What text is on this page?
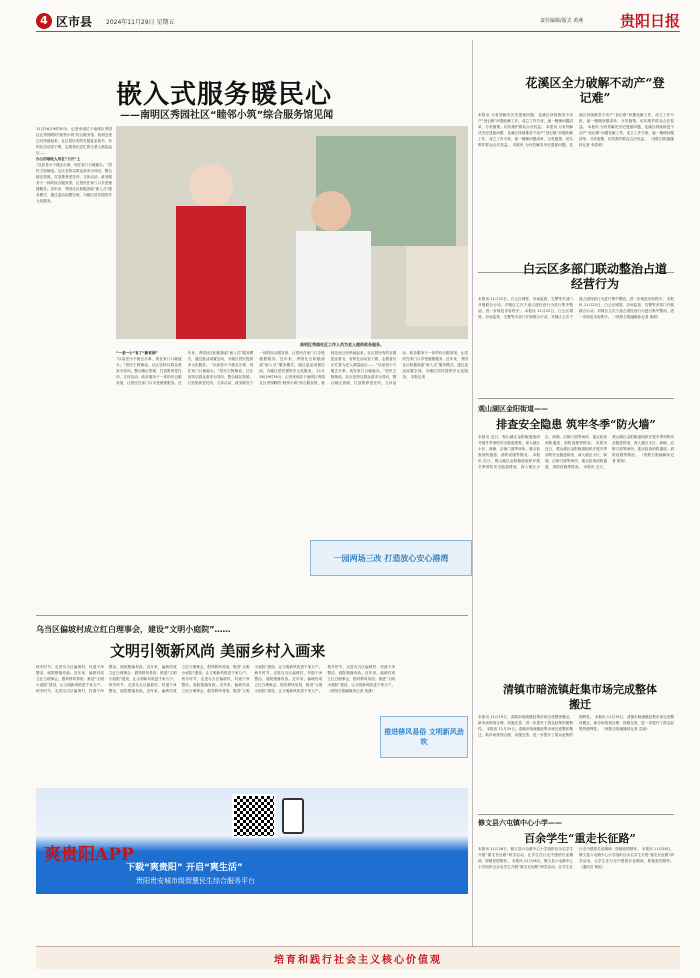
4 区市县 2024年11月29日 星期五	责任编辑/版式 黄燕 贵阳日报
嵌入式服务暖民心
——南明区秀园社区“睦邻小筑”综合服务馆见闻
11月26日9时30分，记者来到位于南明区秀园社区秀园路的“睦邻小筑”综合服务馆，看到这里已经热闹起来。社区居民有的在阅览室看书，有的在活动室下棋，志愿者们正忙着为老人测量血压……
办公用地收入用在“刀刃”上
“以前老小不便去办事，现在家门口就能办。”居民王阿姨说。社区坚持以群众需求为导向，整合辖区资源，打造集养老托幼、文体活动、政务服务于一体的综合服务馆，让居民在家门口享受便捷服务。近年来，秀园社区积极探索“嵌入式”服务模式，通过盘活闲置空间，为辖区居民提供多元化服务。
南明区秀园社区工作人员为老人提供政务服务。
“一老一小”有了“新家园”
“以前老小不便去办事，现在家门口就能办。”居民王阿姨说。社区坚持以群众需求为导向，整合辖区资源，打造集养老托幼、文体活动、政务服务于一体的综合服务馆，让居民在家门口享受便捷服务。近年来，秀园社区积极探索“嵌入式”服务模式，通过盘活闲置空间，为辖区居民提供多元化服务。 “以前老小不便去办事，现在家门口就能办。”居民王阿姨说。社区坚持以群众需求为导向，整合辖区资源，打造集养老托幼、文体活动、政务服务于一体的综合服务馆，让居民在家门口享受便捷服务。近年来，秀园社区积极探索“嵌入式”服务模式，通过盘活闲置空间，为辖区居民提供多元化服务。 11月26日9时30分，记者来到位于南明区秀园社区秀园路的“睦邻小筑”综合服务馆，看到这里已经热闹起来。社区居民有的在阅览室看书，有的在活动室下棋，志愿者们正忙着为老人测量血压…… “以前老小不便去办事，现在家门口就能办。”居民王阿姨说。社区坚持以群众需求为导向，整合辖区资源，打造集养老托幼、文体活动、政务服务于一体的综合服务馆，让居民在家门口享受便捷服务。近年来，秀园社区积极探索“嵌入式”服务模式，通过盘活闲置空间，为辖区居民提供多元化服务。 本报记者
花溪区全力破解不动产“登记难”
本报讯 为有效解决历史遗留问题，花溪区持续推进不动产“登记难”问题化解工作，成立工作专班，逐一梳理问题清单，分类施策，切实维护群众合法权益。 本报讯 为有效解决历史遗留问题，花溪区持续推进不动产“登记难”问题化解工作，成立工作专班，逐一梳理问题清单，分类施策，切实维护群众合法权益。 本报讯 为有效解决历史遗留问题，花溪区持续推进不动产“登记难”问题化解工作，成立工作专班，逐一梳理问题清单，分类施策，切实维护群众合法权益。 本报讯 为有效解决历史遗留问题，花溪区持续推进不动产“登记难”问题化解工作，成立工作专班，逐一梳理问题清单，分类施策，切实维护群众合法权益。 （贵阳日报融媒体记者 李春莉）
白云区多部门联动整治占道经营行为
本报讯 11月22日，白云区城管、市场监管、交警等多部门开展联合行动，对辖区主次干道占道经营行为进行集中整治，进一步规范市容秩序。 本报讯 11月22日，白云区城管、市场监管、交警等多部门开展联合行动，对辖区主次干道占道经营行为进行集中整治，进一步规范市容秩序。 本报讯 11月22日，白云区城管、市场监管、交警等多部门开展联合行动，对辖区主次干道占道经营行为进行集中整治，进一步规范市容秩序。 （贵阳日报融媒体记者 黄娟）
观山湖区金阳街道——
排查安全隐患 筑牢冬季“防火墙”
本报讯 近日，观山湖区金阳街道组织开展冬季消防安全隐患排查，深入辖区小区、商铺、沿街门面等场所，重点检查消防通道、消防设施等情况。 本报讯 近日，观山湖区金阳街道组织开展冬季消防安全隐患排查，深入辖区小区、商铺、沿街门面等场所，重点检查消防通道、消防设施等情况。 本报讯 近日，观山湖区金阳街道组织开展冬季消防安全隐患排查，深入辖区小区、商铺、沿街门面等场所，重点检查消防通道、消防设施等情况。 本报讯 近日，观山湖区金阳街道组织开展冬季消防安全隐患排查，深入辖区小区、商铺、沿街门面等场所，重点检查消防通道、消防设施等情况。 （贵阳日报融媒体记者 蒋伟）
一园两场三改 打造放心安心港湾
乌当区偏坡村成立红白理事会，建设“文明小庭院”……
文明引领新风尚 美丽乡村入画来
秋冬时节，走进乌当区偏坡村，村道干净整洁，庭院错落有致。近年来，偏坡村成立红白理事会，倡导移风易俗，推进“文明小庭院”建设，让文明新风吹进千家万户。 秋冬时节，走进乌当区偏坡村，村道干净整洁，庭院错落有致。近年来，偏坡村成立红白理事会，倡导移风易俗，推进“文明小庭院”建设，让文明新风吹进千家万户。 秋冬时节，走进乌当区偏坡村，村道干净整洁，庭院错落有致。近年来，偏坡村成立红白理事会，倡导移风易俗，推进“文明小庭院”建设，让文明新风吹进千家万户。 秋冬时节，走进乌当区偏坡村，村道干净整洁，庭院错落有致。近年来，偏坡村成立红白理事会，倡导移风易俗，推进“文明小庭院”建设，让文明新风吹进千家万户。 秋冬时节，走进乌当区偏坡村，村道干净整洁，庭院错落有致。近年来，偏坡村成立红白理事会，倡导移风易俗，推进“文明小庭院”建设，让文明新风吹进千家万户。 秋冬时节，走进乌当区偏坡村，村道干净整洁，庭院错落有致。近年来，偏坡村成立红白理事会，倡导移风易俗，推进“文明小庭院”建设，让文明新风吹进千家万户。 （贵阳日报融媒体记者 刘潇）
推进移风易俗 文明新风劲吹
爽贵阳APP
下载“爽贵阳” 开启“爽生活”
贵阳贵安城市级智慧民生综合服务平台
清镇市暗流镇赶集市场完成整体搬迁
本报讯 11月19日，清镇市暗流镇赶集市场完成整体搬迁，新市场规划合理、设施完善，进一步提升了群众赶集的便利性。 本报讯 11月19日，清镇市暗流镇赶集市场完成整体搬迁，新市场规划合理、设施完善，进一步提升了群众赶集的便利性。 本报讯 11月19日，清镇市暗流镇赶集市场完成整体搬迁，新市场规划合理、设施完善，进一步提升了群众赶集的便利性。 （贵阳日报融媒体记者 袁茜）
修文县六屯镇中心小学——
百余学生“重走长征路”
本报讯 11月28日，修文县六屯镇中心小学组织百余名学生开展“重走长征路”研学活动，让学生在行走中感悟长征精神，厚植爱国情怀。 本报讯 11月28日，修文县六屯镇中心小学组织百余名学生开展“重走长征路”研学活动，让学生在行走中感悟长征精神，厚植爱国情怀。 本报讯 11月28日，修文县六屯镇中心小学组织百余名学生开展“重走长征路”研学活动，让学生在行走中感悟长征精神，厚植爱国情怀。 （通讯员 柯虹）
培育和践行社会主义核心价值观
